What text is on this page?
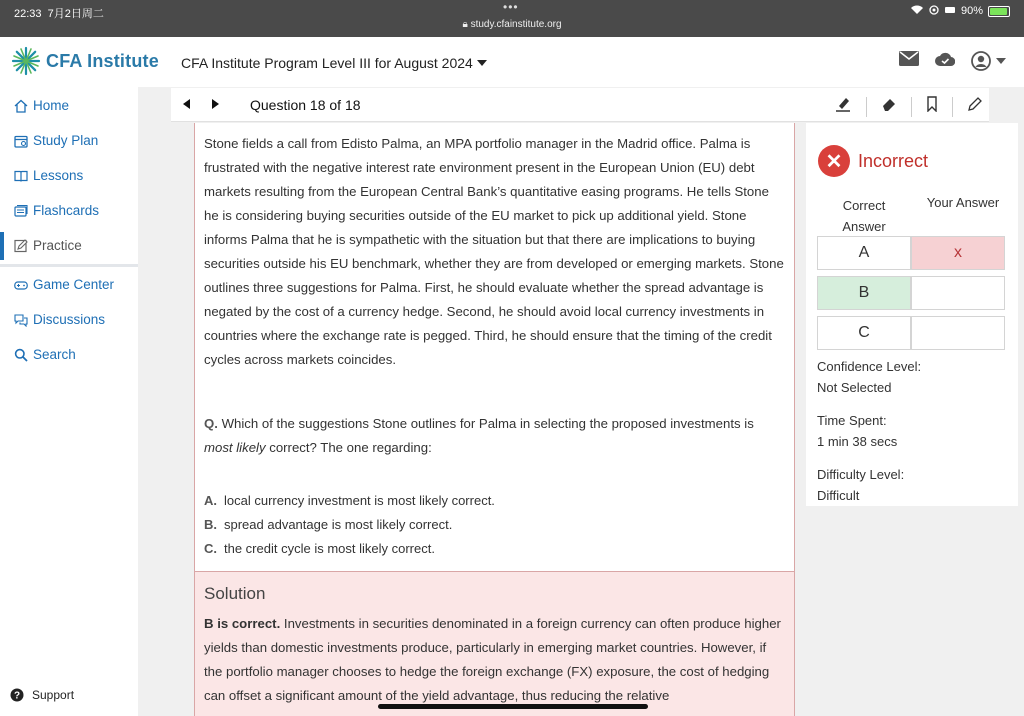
22:33 7月2日周二	•••
🔒︎ study.cfainstitute.org
90%
CFA Institute CFA Institute Program Level III for August 2024
Home
Study Plan
Lessons
Flashcards
Practice
Game Center
Discussions
Search
? Support
Question 18 of 18
Stone fields a call from Edisto Palma, an MPA portfolio manager in the Madrid office. Palma is frustrated with the negative interest rate environment present in the European Union (EU) debt markets resulting from the European Central Bank’s quantitative easing programs. He tells Stone he is considering buying securities outside of the EU market to pick up additional yield. Stone informs Palma that he is sympathetic with the situation but that there are implications to buying securities outside his EU benchmark, whether they are from developed or emerging markets. Stone outlines three suggestions for Palma. First, he should evaluate whether the spread advantage is negated by the cost of a currency hedge. Second, he should avoid local currency investments in countries where the exchange rate is pegged. Third, he should ensure that the timing of the credit cycles across markets coincides.
Q. Which of the suggestions Stone outlines for Palma in selecting the proposed investments is most likely correct? The one regarding:
A. local currency investment is most likely correct.
B. spread advantage is most likely correct.
C. the credit cycle is most likely correct.
Solution

B is correct. Investments in securities denominated in a foreign currency can often produce higher yields than domestic investments produce, particularly in emerging market countries. However, if the portfolio manager chooses to hedge the foreign exchange (FX) exposure, the cost of hedging can offset a significant amount of the yield advantage, thus reducing the relative

✕ Incorrect
Correct Answer
Your Answer
A	x
B
C
Confidence Level:
Not Selected
Time Spent:
1 min 38 secs
Difficulty Level:
Difficult
